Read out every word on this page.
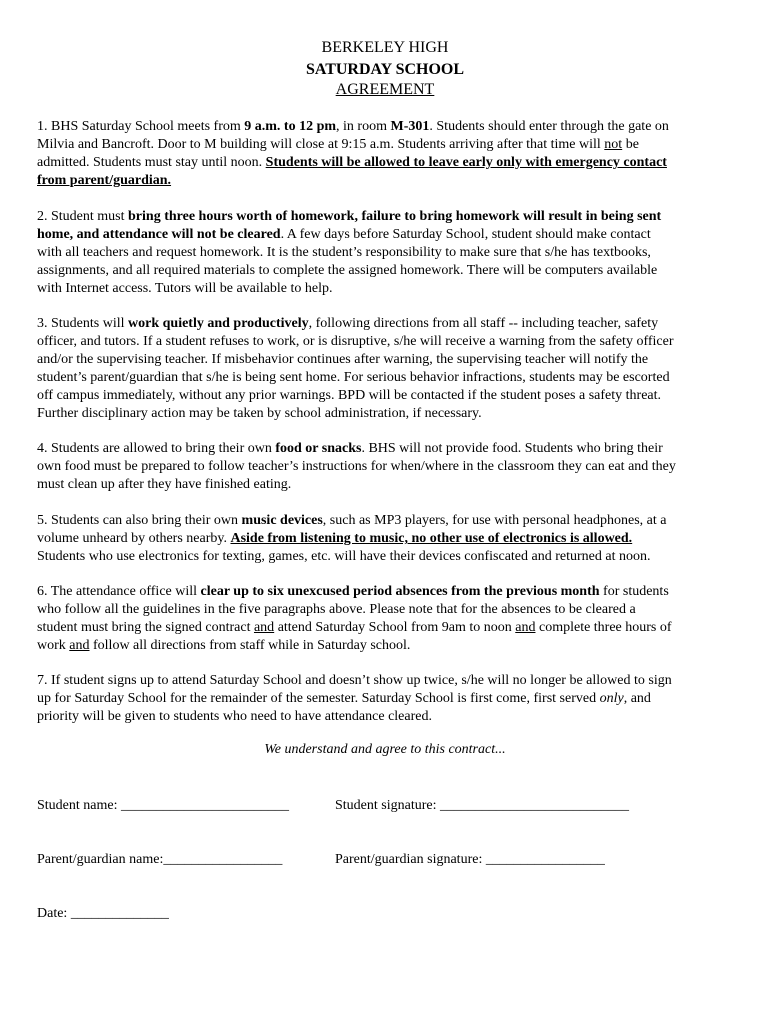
BERKELEY HIGH
SATURDAY SCHOOL
AGREEMENT
1. BHS Saturday School meets from 9 a.m. to 12 pm, in room M-301. Students should enter through the gate on
Milvia and Bancroft. Door to M building will close at 9:15 a.m. Students arriving after that time will not be
admitted. Students must stay until noon. Students will be allowed to leave early only with emergency contact
from parent/guardian.
2. Student must bring three hours worth of homework, failure to bring homework will result in being sent
home, and attendance will not be cleared. A few days before Saturday School, student should make contact
with all teachers and request homework. It is the student’s responsibility to make sure that s/he has textbooks,
assignments, and all required materials to complete the assigned homework. There will be computers available
with Internet access. Tutors will be available to help.
3. Students will work quietly and productively, following directions from all staff -- including teacher, safety
officer, and tutors. If a student refuses to work, or is disruptive, s/he will receive a warning from the safety officer
and/or the supervising teacher. If misbehavior continues after warning, the supervising teacher will notify the
student’s parent/guardian that s/he is being sent home. For serious behavior infractions, students may be escorted
off campus immediately, without any prior warnings. BPD will be contacted if the student poses a safety threat.
Further disciplinary action may be taken by school administration, if necessary.
4. Students are allowed to bring their own food or snacks. BHS will not provide food. Students who bring their
own food must be prepared to follow teacher’s instructions for when/where in the classroom they can eat and they
must clean up after they have finished eating.
5. Students can also bring their own music devices, such as MP3 players, for use with personal headphones, at a
volume unheard by others nearby. Aside from listening to music, no other use of electronics is allowed.
Students who use electronics for texting, games, etc. will have their devices confiscated and returned at noon.
6. The attendance office will clear up to six unexcused period absences from the previous month for students
who follow all the guidelines in the five paragraphs above. Please note that for the absences to be cleared a
student must bring the signed contract and attend Saturday School from 9am to noon and complete three hours of
work and follow all directions from staff while in Saturday school.
7. If student signs up to attend Saturday School and doesn’t show up twice, s/he will no longer be allowed to sign
up for Saturday School for the remainder of the semester. Saturday School is first come, first served only, and
priority will be given to students who need to have attendance cleared.
We understand and agree to this contract...
Student name: ________________________	Student signature: ___________________________
Parent/guardian name:_________________	Parent/guardian signature: _________________
Date: ______________
